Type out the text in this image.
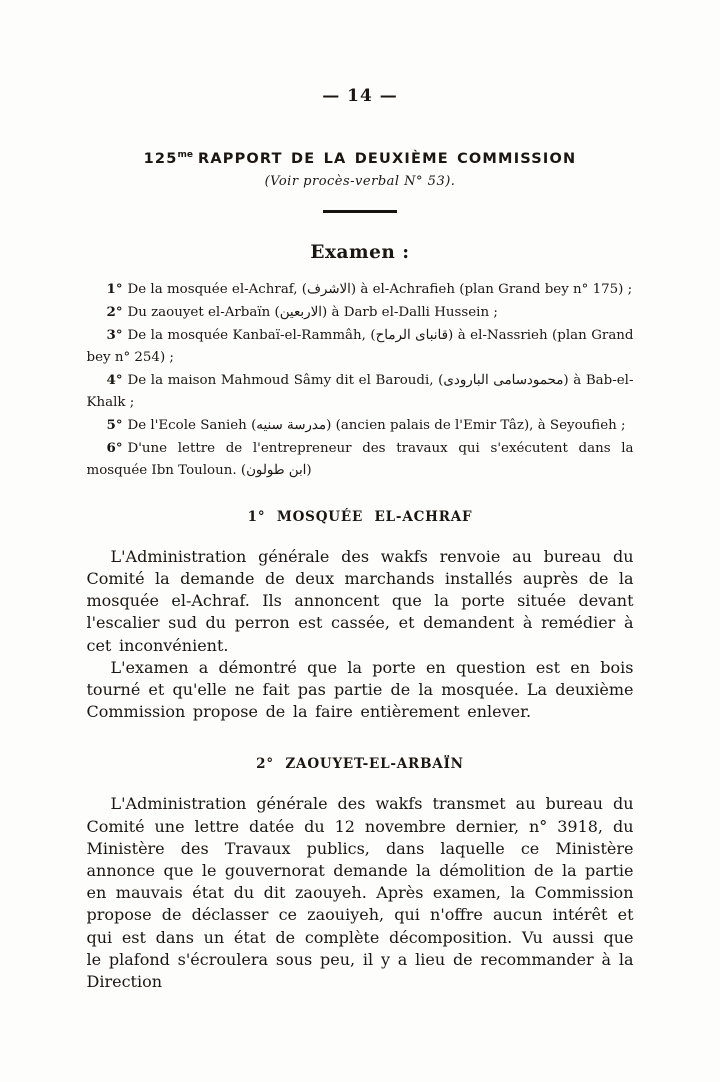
— 14 —
$125^{me}$ RAPPORT DE LA DEUXIÈME COMMISSION
(Voir procès-verbal N° 53).
Examen :

1° De la mosquée el-Achraf, (الاشرف) à el-Achrafieh (plan Grand bey n° 175) ;

2° Du zaouyet el-Arbaïn (الاربعين) à Darb el-Dalli Hussein ;

3° De la mosquée Kanbaï-el-Rammâh, (قانباى الرماح) à el-Nassrieh (plan Grand bey n° 254) ;

4° De la maison Mahmoud Sâmy dit el Baroudi, (محمودسامى البارودى) à Bab-el-Khalk ;

5° De l'Ecole Sanieh (مدرسة سنيه) (ancien palais de l'Emir Tâz), à Seyoufieh ;

6° D'une lettre de l'entrepreneur des travaux qui s'exécutent dans la mosquée Ibn Touloun. (ابن طولون)

1° MOSQUÉE EL-ACHRAF

L'Administration générale des wakfs renvoie au bureau du Comité la demande de deux marchands installés auprès de la mosquée el-Achraf. Ils annoncent que la porte située devant l'escalier sud du perron est cassée, et demandent à remédier à cet inconvénient.

L'examen a démontré que la porte en question est en bois tourné et qu'elle ne fait pas partie de la mosquée. La deuxième Commission propose de la faire entièrement enlever.

2° ZAOUYET-EL-ARBAÏN

L'Administration générale des wakfs transmet au bureau du Comité une lettre datée du 12 novembre dernier, n° 3918, du Ministère des Travaux publics, dans laquelle ce Ministère annonce que le gouvernorat demande la démolition de la partie en mauvais état du dit zaouyeh. Après examen, la Commission propose de déclasser ce zaouiyeh, qui n'offre aucun intérêt et qui est dans un état de complète décomposition. Vu aussi que le plafond s'écroulera sous peu, il y a lieu de recommander à la Direction
